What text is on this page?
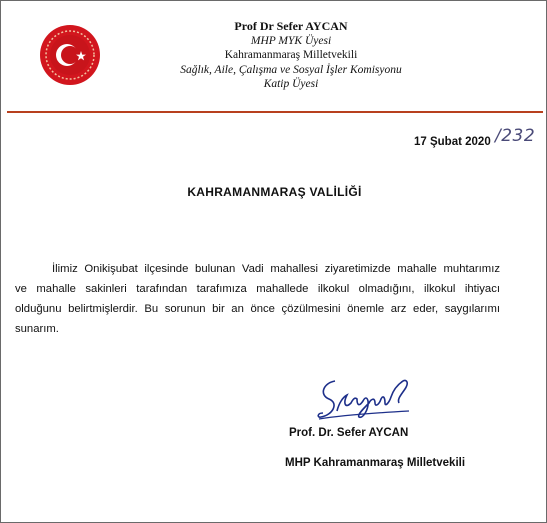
Prof Dr Sefer AYCAN
MHP MYK Üyesi
Kahramanmaraş Milletvekili
Sağlık, Aile, Çalışma ve Sosyal İşler Komisyonu
Katip Üyesi
17 Şubat 2020 /232
KAHRAMANMARAŞ VALİLİĞİ
İlimiz Onikişubat ilçesinde bulunan Vadi mahallesi ziyaretimizde mahalle muhtarımız
ve mahalle sakinleri tarafından tarafımıza mahallede ilkokul olmadığını, ilkokul ihtiyacı
olduğunu belirtmişlerdir. Bu sorunun bir an önce çözülmesini önemle arz eder, saygılarımı
sunarım.
Prof. Dr. Sefer AYCAN
MHP Kahramanmaraş Milletvekili
